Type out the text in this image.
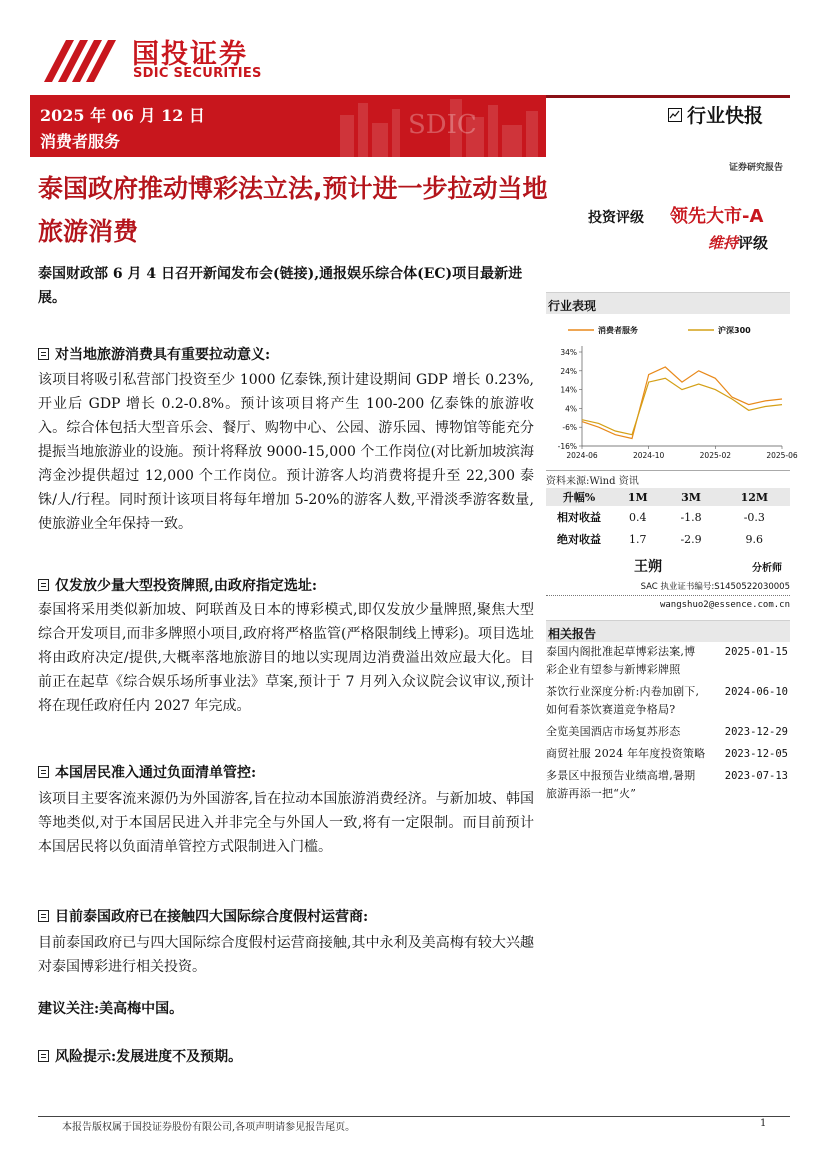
国投证券
SDIC SECURITIES
SDIC
2025 年 06 月 12 日
消费者服务
行业快报
证券研究报告
泰国政府推动博彩法立法,预计进一步拉动当地旅游消费	投资评级 领先大市-A
维持评级
泰国财政部 6 月 4 日召开新闻发布会(链接),通报娱乐综合体(EC)项目最新进展。
对当地旅游消费具有重要拉动意义:
该项目将吸引私营部门投资至少 1000 亿泰铢,预计建设期间 GDP 增长 0.23%,开业后 GDP 增长 0.2-0.8%。预计该项目将产生 100-200 亿泰铢的旅游收入。综合体包括大型音乐会、餐厅、购物中心、公园、游乐园、博物馆等能充分提振当地旅游业的设施。预计将释放 9000-15,000 个工作岗位(对比新加坡滨海湾金沙提供超过 12,000 个工作岗位。预计游客人均消费将提升至 22,300 泰铢/人/行程。同时预计该项目将每年增加 5-20%的游客人数,平滑淡季游客数量,使旅游业全年保持一致。
仅发放少量大型投资牌照,由政府指定选址:
泰国将采用类似新加坡、阿联酋及日本的博彩模式,即仅发放少量牌照,聚焦大型综合开发项目,而非多牌照小项目,政府将严格监管(严格限制线上博彩)。项目选址将由政府决定/提供,大概率落地旅游目的地以实现周边消费溢出效应最大化。目前正在起草《综合娱乐场所事业法》草案,预计于 7 月列入众议院会议审议,预计将在现任政府任内 2027 年完成。
本国居民准入通过负面清单管控:
该项目主要客流来源仍为外国游客,旨在拉动本国旅游消费经济。与新加坡、韩国等地类似,对于本国居民进入并非完全与外国人一致,将有一定限制。而目前预计本国居民将以负面清单管控方式限制进入门槛。
目前泰国政府已在接触四大国际综合度假村运营商:
目前泰国政府已与四大国际综合度假村运营商接触,其中永利及美高梅有较大兴趣对泰国博彩进行相关投资。
建议关注:美高梅中国。
风险提示:发展进度不及预期。
行业表现
消费者服务	沪深300
34%
24%
14%
4%
-6%
-16%
2024-06	2024-10	2025-02	2025-06
资料来源:Wind 资讯
升幅%	1M	3M	12M
相对收益	0.4	-1.8	-0.3
绝对收益	1.7	-2.9	9.6
王朔	分析师
SAC 执业证书编号:S1450522030005
wangshuo2@essence.com.cn
相关报告
泰国内阁批准起草博彩法案,博彩企业有望参与新博彩牌照
2025-01-15
茶饮行业深度分析:内卷加剧下,如何看茶饮赛道竞争格局?
2024-06-10
全览美国酒店市场复苏形态	2023-12-29
商贸社服 2024 年年度投资策略 2023-12-05
多景区中报预告业绩高增,暑期旅游再添一把“火”
2023-07-13
本报告版权属于国投证券股份有限公司,各项声明请参见报告尾页。	1
